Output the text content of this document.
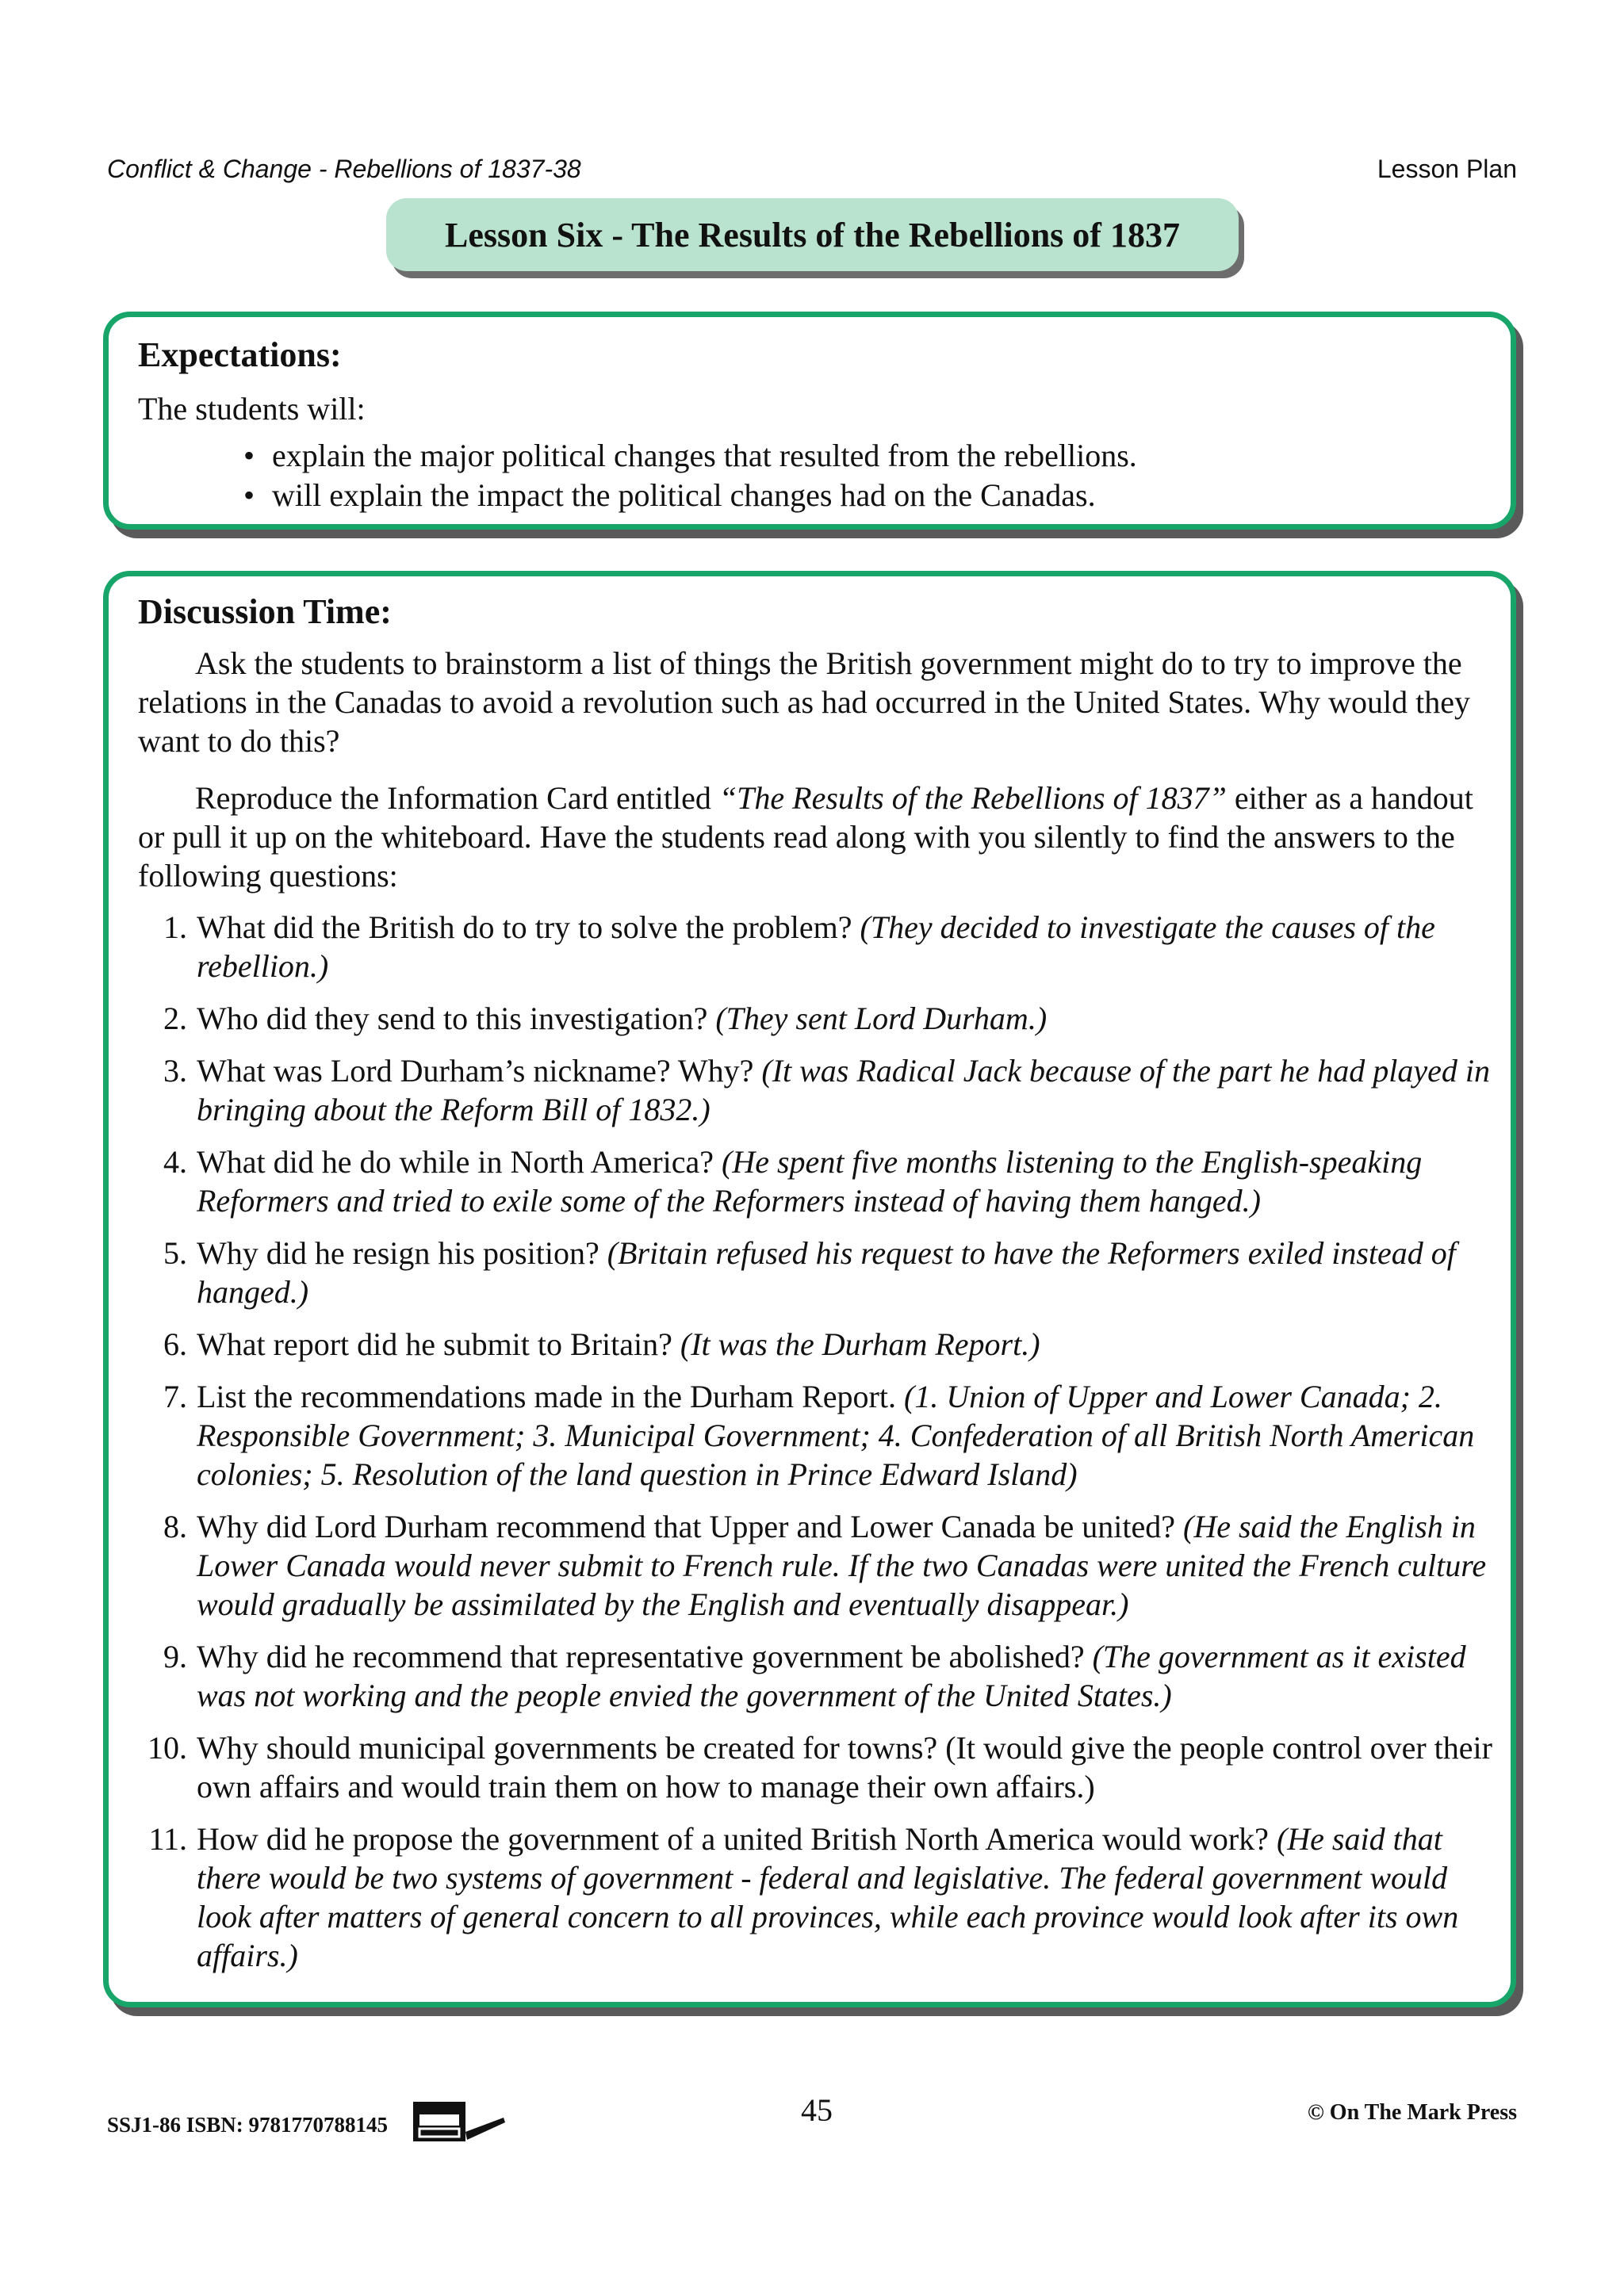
Conflict & Change - Rebellions of 1837-38	Lesson Plan
Lesson Six - The Results of the Rebellions of 1837
Expectations:
The students will:
• explain the major political changes that resulted from the rebellions.
• will explain the impact the political changes had on the Canadas.
Discussion Time:

Ask the students to brainstorm a list of things the British government might do to try to improve the relations in the Canadas to avoid a revolution such as had occurred in the United States. Why would they want to do this?

Reproduce the Information Card entitled “The Results of the Rebellions of 1837” either as a handout or pull it up on the whiteboard. Have the students read along with you silently to find the answers to the following questions:

1. What did the British do to try to solve the problem? (They decided to investigate the causes of the rebellion.)
2. Who did they send to this investigation? (They sent Lord Durham.)
3. What was Lord Durham’s nickname? Why? (It was Radical Jack because of the part he had played in bringing about the Reform Bill of 1832.)
4. What did he do while in North America? (He spent five months listening to the English-speaking Reformers and tried to exile some of the Reformers instead of having them hanged.)
5. Why did he resign his position? (Britain refused his request to have the Reformers exiled instead of hanged.)
6. What report did he submit to Britain? (It was the Durham Report.)
7. List the recommendations made in the Durham Report. (1. Union of Upper and Lower Canada; 2. Responsible Government; 3. Municipal Government; 4. Confederation of all British North American colonies; 5. Resolution of the land question in Prince Edward Island)
8. Why did Lord Durham recommend that Upper and Lower Canada be united? (He said the English in Lower Canada would never submit to French rule. If the two Canadas were united the French culture would gradually be assimilated by the English and eventually disappear.)
9. Why did he recommend that representative government be abolished? (The government as it existed was not working and the people envied the government of the United States.)
10. Why should municipal governments be created for towns? (It would give the people control over their own affairs and would train them on how to manage their own affairs.)
11. How did he propose the government of a united British North America would work? (He said that there would be two systems of government - federal and legislative. The federal government would look after matters of general concern to all provinces, while each province would look after its own affairs.)
SSJ1-86 ISBN: 9781770788145	45	© On The Mark Press
